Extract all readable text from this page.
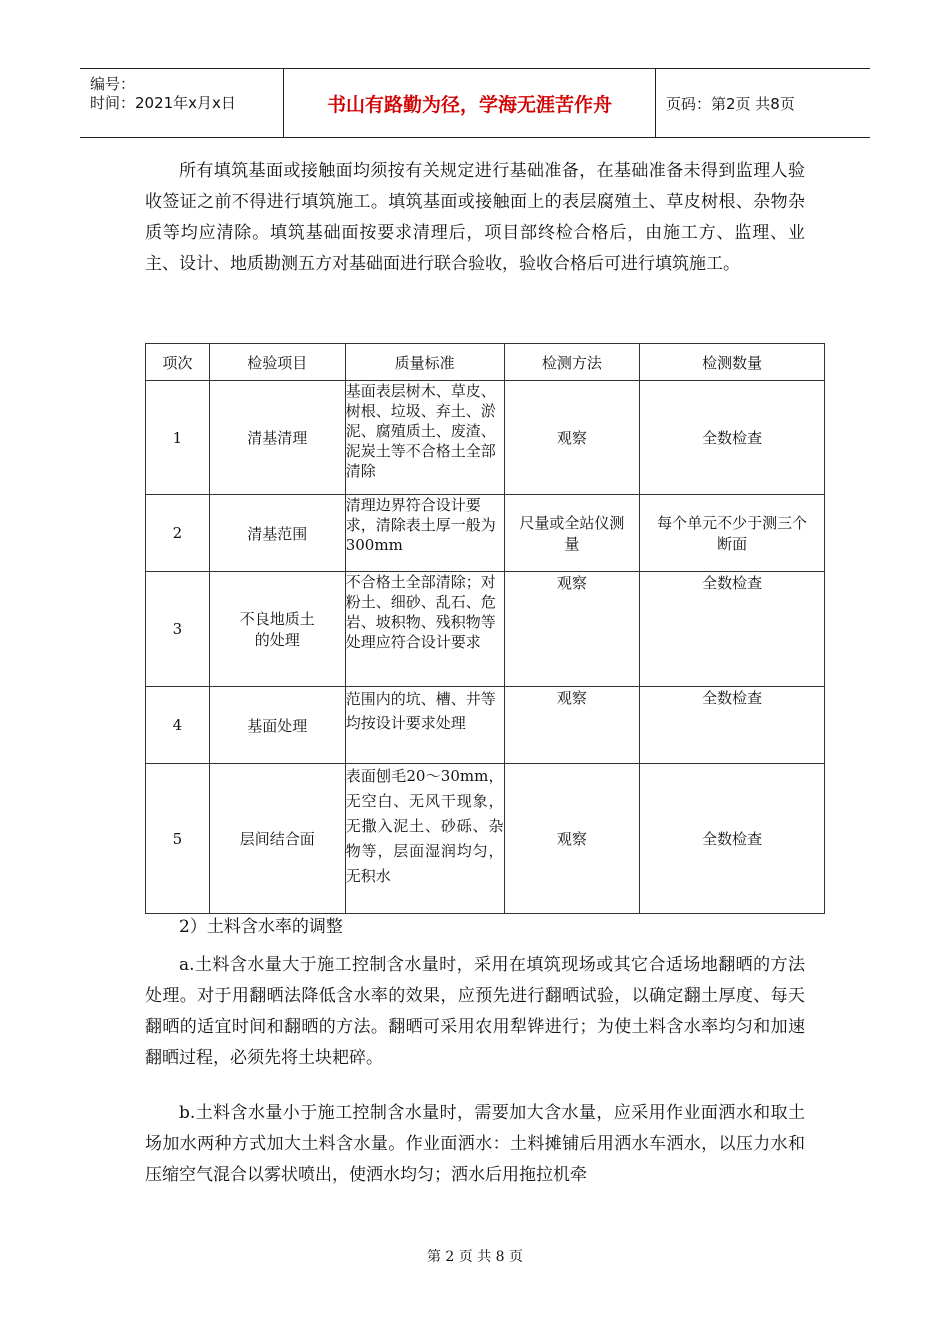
编号：
时间：2021年x月x日	书山有路勤为径，学海无涯苦作舟	页码：第2页 共8页

所有填筑基面或接触面均须按有关规定进行基础准备，在基础准备未得到监理人验收签证之前不得进行填筑施工。填筑基面或接触面上的表层腐殖土、草皮树根、杂物杂质等均应清除。填筑基础面按要求清理后，项目部终检合格后，由施工方、监理、业主、设计、地质勘测五方对基础面进行联合验收，验收合格后可进行填筑施工。

项次	检验项目	质量标准	检测方法	检测数量
1	清基清理	基面表层树木、草皮、树根、垃圾、弃土、淤泥、腐殖质土、废渣、泥炭土等不合格土全部清除	观察	全数检查
2	清基范围	清理边界符合设计要求，清除表土厚一般为300mm	尺量或全站仪测量	每个单元不少于测三个断面
3	不良地质土的处理	不合格土全部清除；对粉土、细砂、乱石、危岩、坡积物、残积物等处理应符合设计要求	观察	全数检查
4	基面处理	范围内的坑、槽、井等均按设计要求处理	观察	全数检查
5	层间结合面	表面刨毛20～30mm，无空白、无风干现象，无撒入泥土、砂砾、杂物等，层面湿润均匀，无积水	观察	全数检查

2）土料含水率的调整

a.土料含水量大于施工控制含水量时，采用在填筑现场或其它合适场地翻晒的方法处理。对于用翻晒法降低含水率的效果，应预先进行翻晒试验，以确定翻土厚度、每天翻晒的适宜时间和翻晒的方法。翻晒可采用农用犁铧进行；为使土料含水率均匀和加速翻晒过程，必须先将土块耙碎。

b.土料含水量小于施工控制含水量时，需要加大含水量，应采用作业面洒水和取土场加水两种方式加大土料含水量。作业面洒水：土料摊铺后用洒水车洒水，以压力水和压缩空气混合以雾状喷出，使洒水均匀；洒水后用拖拉机牵

第 2 页 共 8 页
